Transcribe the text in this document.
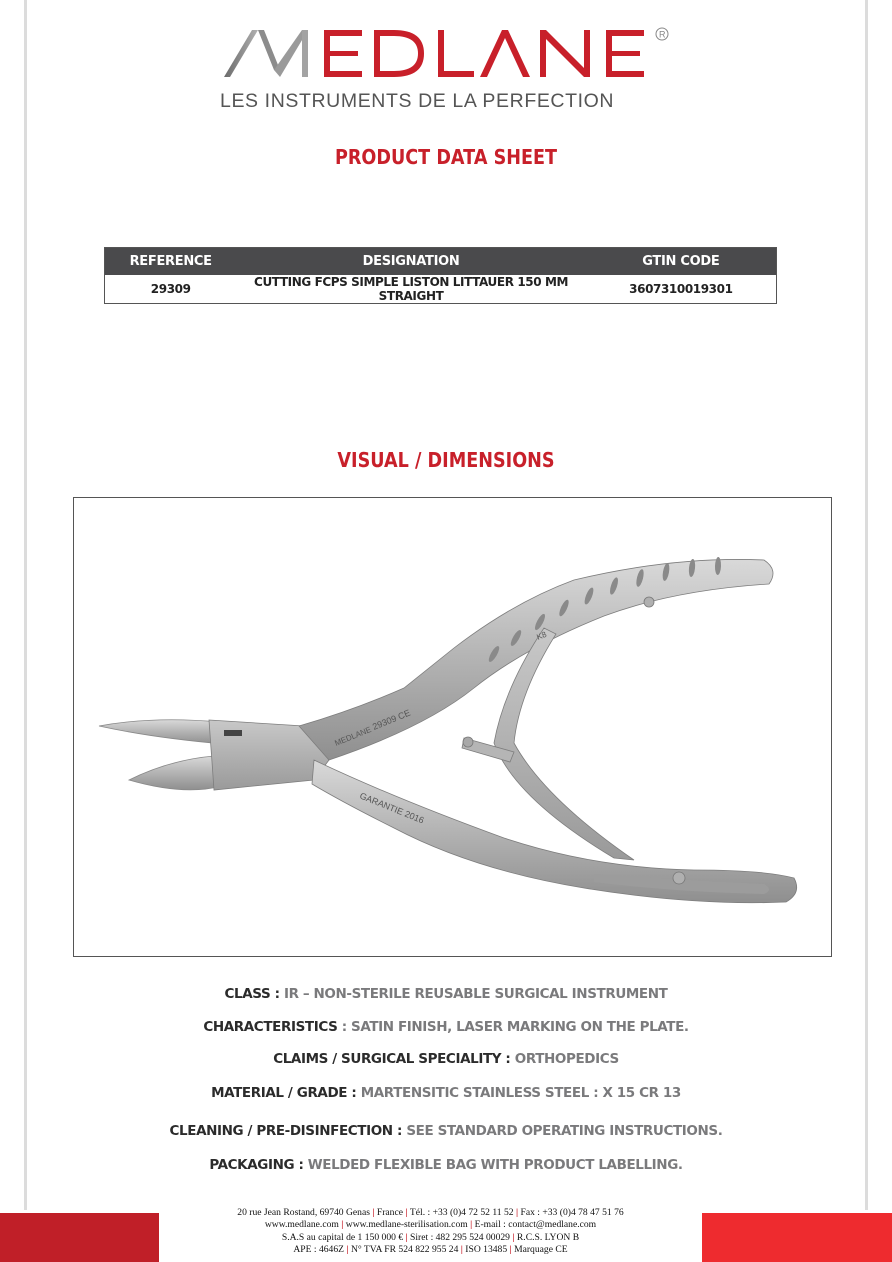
R
LES INSTRUMENTS DE LA PERFECTION
PRODUCT DATA SHEET
REFERENCE	DESIGNATION	GTIN CODE
29309	CUTTING FCPS SIMPLE LISTON LITTAUER 150 MM STRAIGHT	3607310019301
VISUAL / DIMENSIONS
MEDLANE
29309 CE
GARANTIE 2016
K8
CLASS : IR – NON-STERILE REUSABLE SURGICAL INSTRUMENT
CHARACTERISTICS : SATIN FINISH, LASER MARKING ON THE PLATE.
CLAIMS / SURGICAL SPECIALITY : ORTHOPEDICS
MATERIAL / GRADE : MARTENSITIC STAINLESS STEEL : X 15 CR 13
CLEANING / PRE-DISINFECTION : SEE STANDARD OPERATING INSTRUCTIONS.
PACKAGING : WELDED FLEXIBLE BAG WITH PRODUCT LABELLING.
20 rue Jean Rostand, 69740 Genas | France | Tél. : +33 (0)4 72 52 11 52 | Fax : +33 (0)4 78 47 51 76
www.medlane.com | www.medlane-sterilisation.com | E-mail : contact@medlane.com
S.A.S au capital de 1 150 000 € | Siret : 482 295 524 00029 | R.C.S. LYON B
APE : 4646Z | N° TVA FR 524 822 955 24 | ISO 13485 | Marquage CE
